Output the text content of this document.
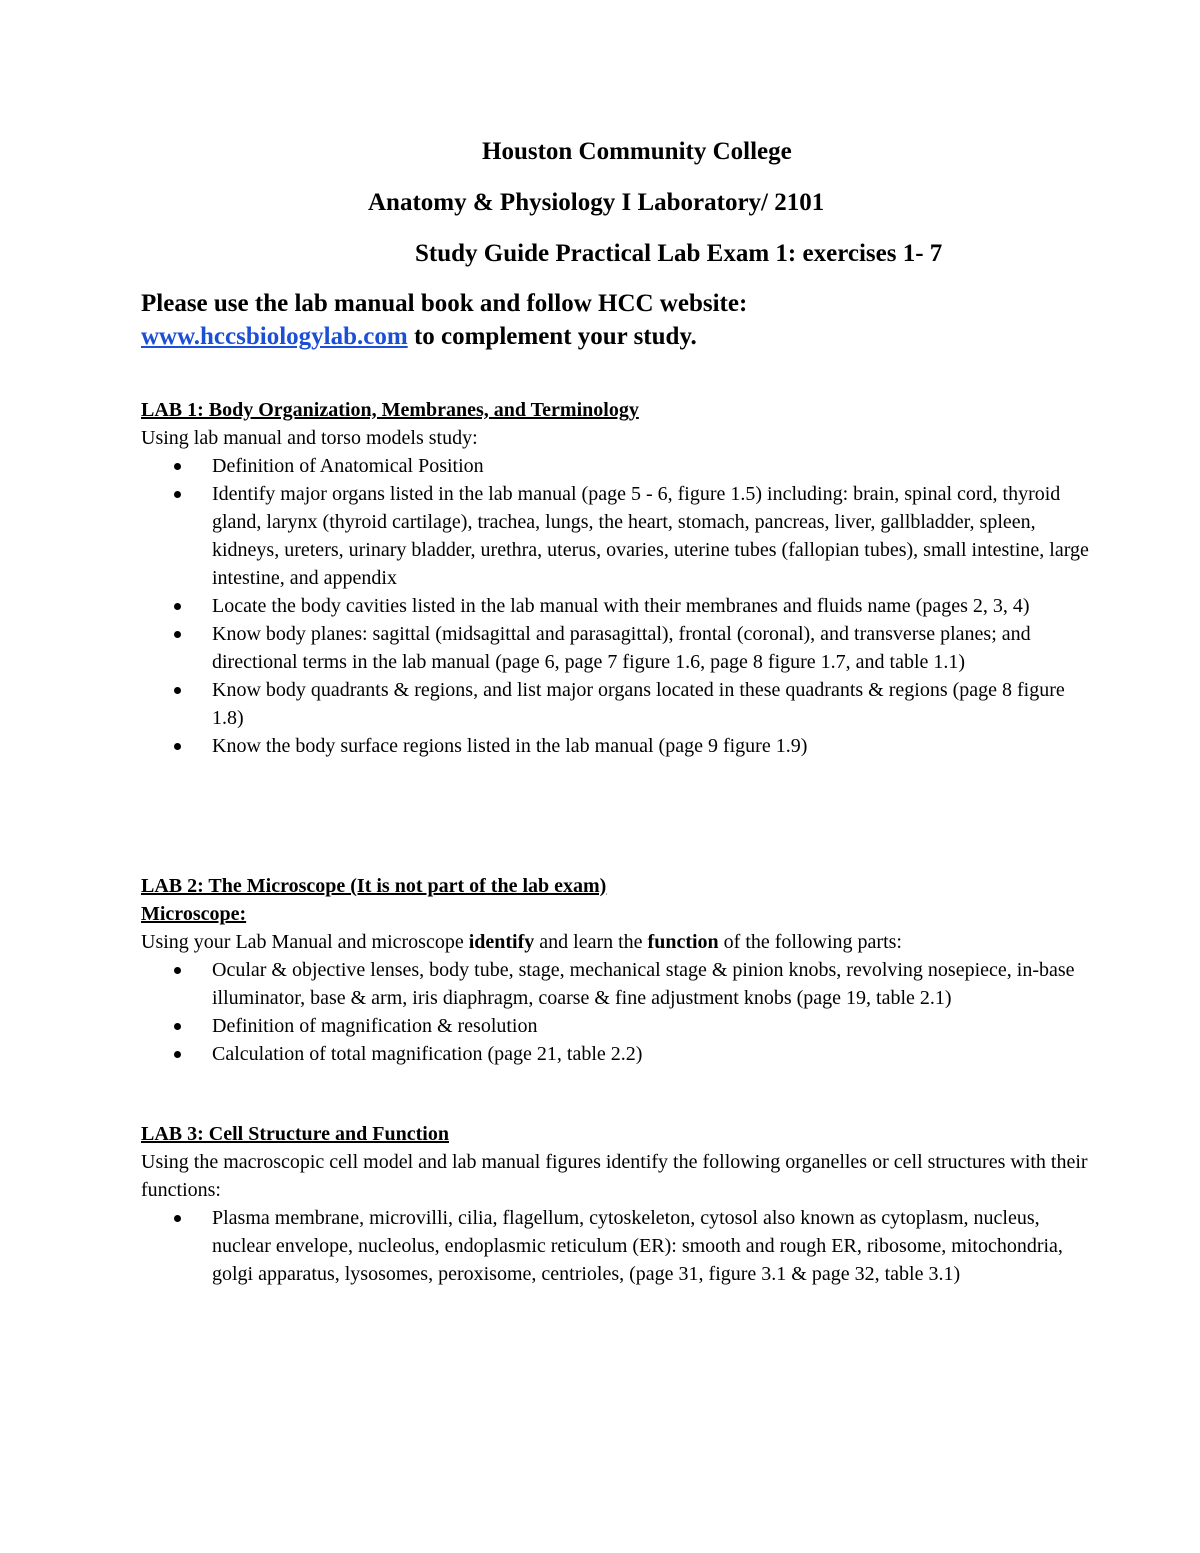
Houston Community College
Anatomy & Physiology I Laboratory/ 2101
Study Guide Practical Lab Exam 1: exercises 1- 7
Please use the lab manual book and follow HCC website:
www.hccsbiologylab.com to complement your study.

LAB 1: Body Organization, Membranes, and Terminology

Using lab manual and torso models study:

Definition of Anatomical Position
Identify major organs listed in the lab manual (page 5 - 6, figure 1.5) including: brain, spinal cord, thyroid gland, larynx (thyroid cartilage), trachea, lungs, the heart, stomach, pancreas, liver, gallbladder, spleen, kidneys, ureters, urinary bladder, urethra, uterus, ovaries, uterine tubes (fallopian tubes), small intestine, large intestine, and appendix
Locate the body cavities listed in the lab manual with their membranes and fluids name (pages 2, 3, 4)
Know body planes: sagittal (midsagittal and parasagittal), frontal (coronal), and transverse planes; and directional terms in the lab manual (page 6, page 7 figure 1.6, page 8 figure 1.7, and table 1.1)
Know body quadrants & regions, and list major organs located in these quadrants & regions (page 8 figure 1.8)
Know the body surface regions listed in the lab manual (page 9 figure 1.9)

LAB 2: The Microscope (It is not part of the lab exam)

Microscope:

Using your Lab Manual and microscope identify and learn the function of the following parts:

Ocular & objective lenses, body tube, stage, mechanical stage & pinion knobs, revolving nosepiece, in-base illuminator, base & arm, iris diaphragm, coarse & fine adjustment knobs (page 19, table 2.1)
Definition of magnification & resolution
Calculation of total magnification (page 21, table 2.2)

LAB 3: Cell Structure and Function

Using the macroscopic cell model and lab manual figures identify the following organelles or cell structures with their functions:

Plasma membrane, microvilli, cilia, flagellum, cytoskeleton, cytosol also known as cytoplasm, nucleus, nuclear envelope, nucleolus, endoplasmic reticulum (ER): smooth and rough ER, ribosome, mitochondria, golgi apparatus, lysosomes, peroxisome, centrioles, (page 31, figure 3.1 & page 32, table 3.1)
